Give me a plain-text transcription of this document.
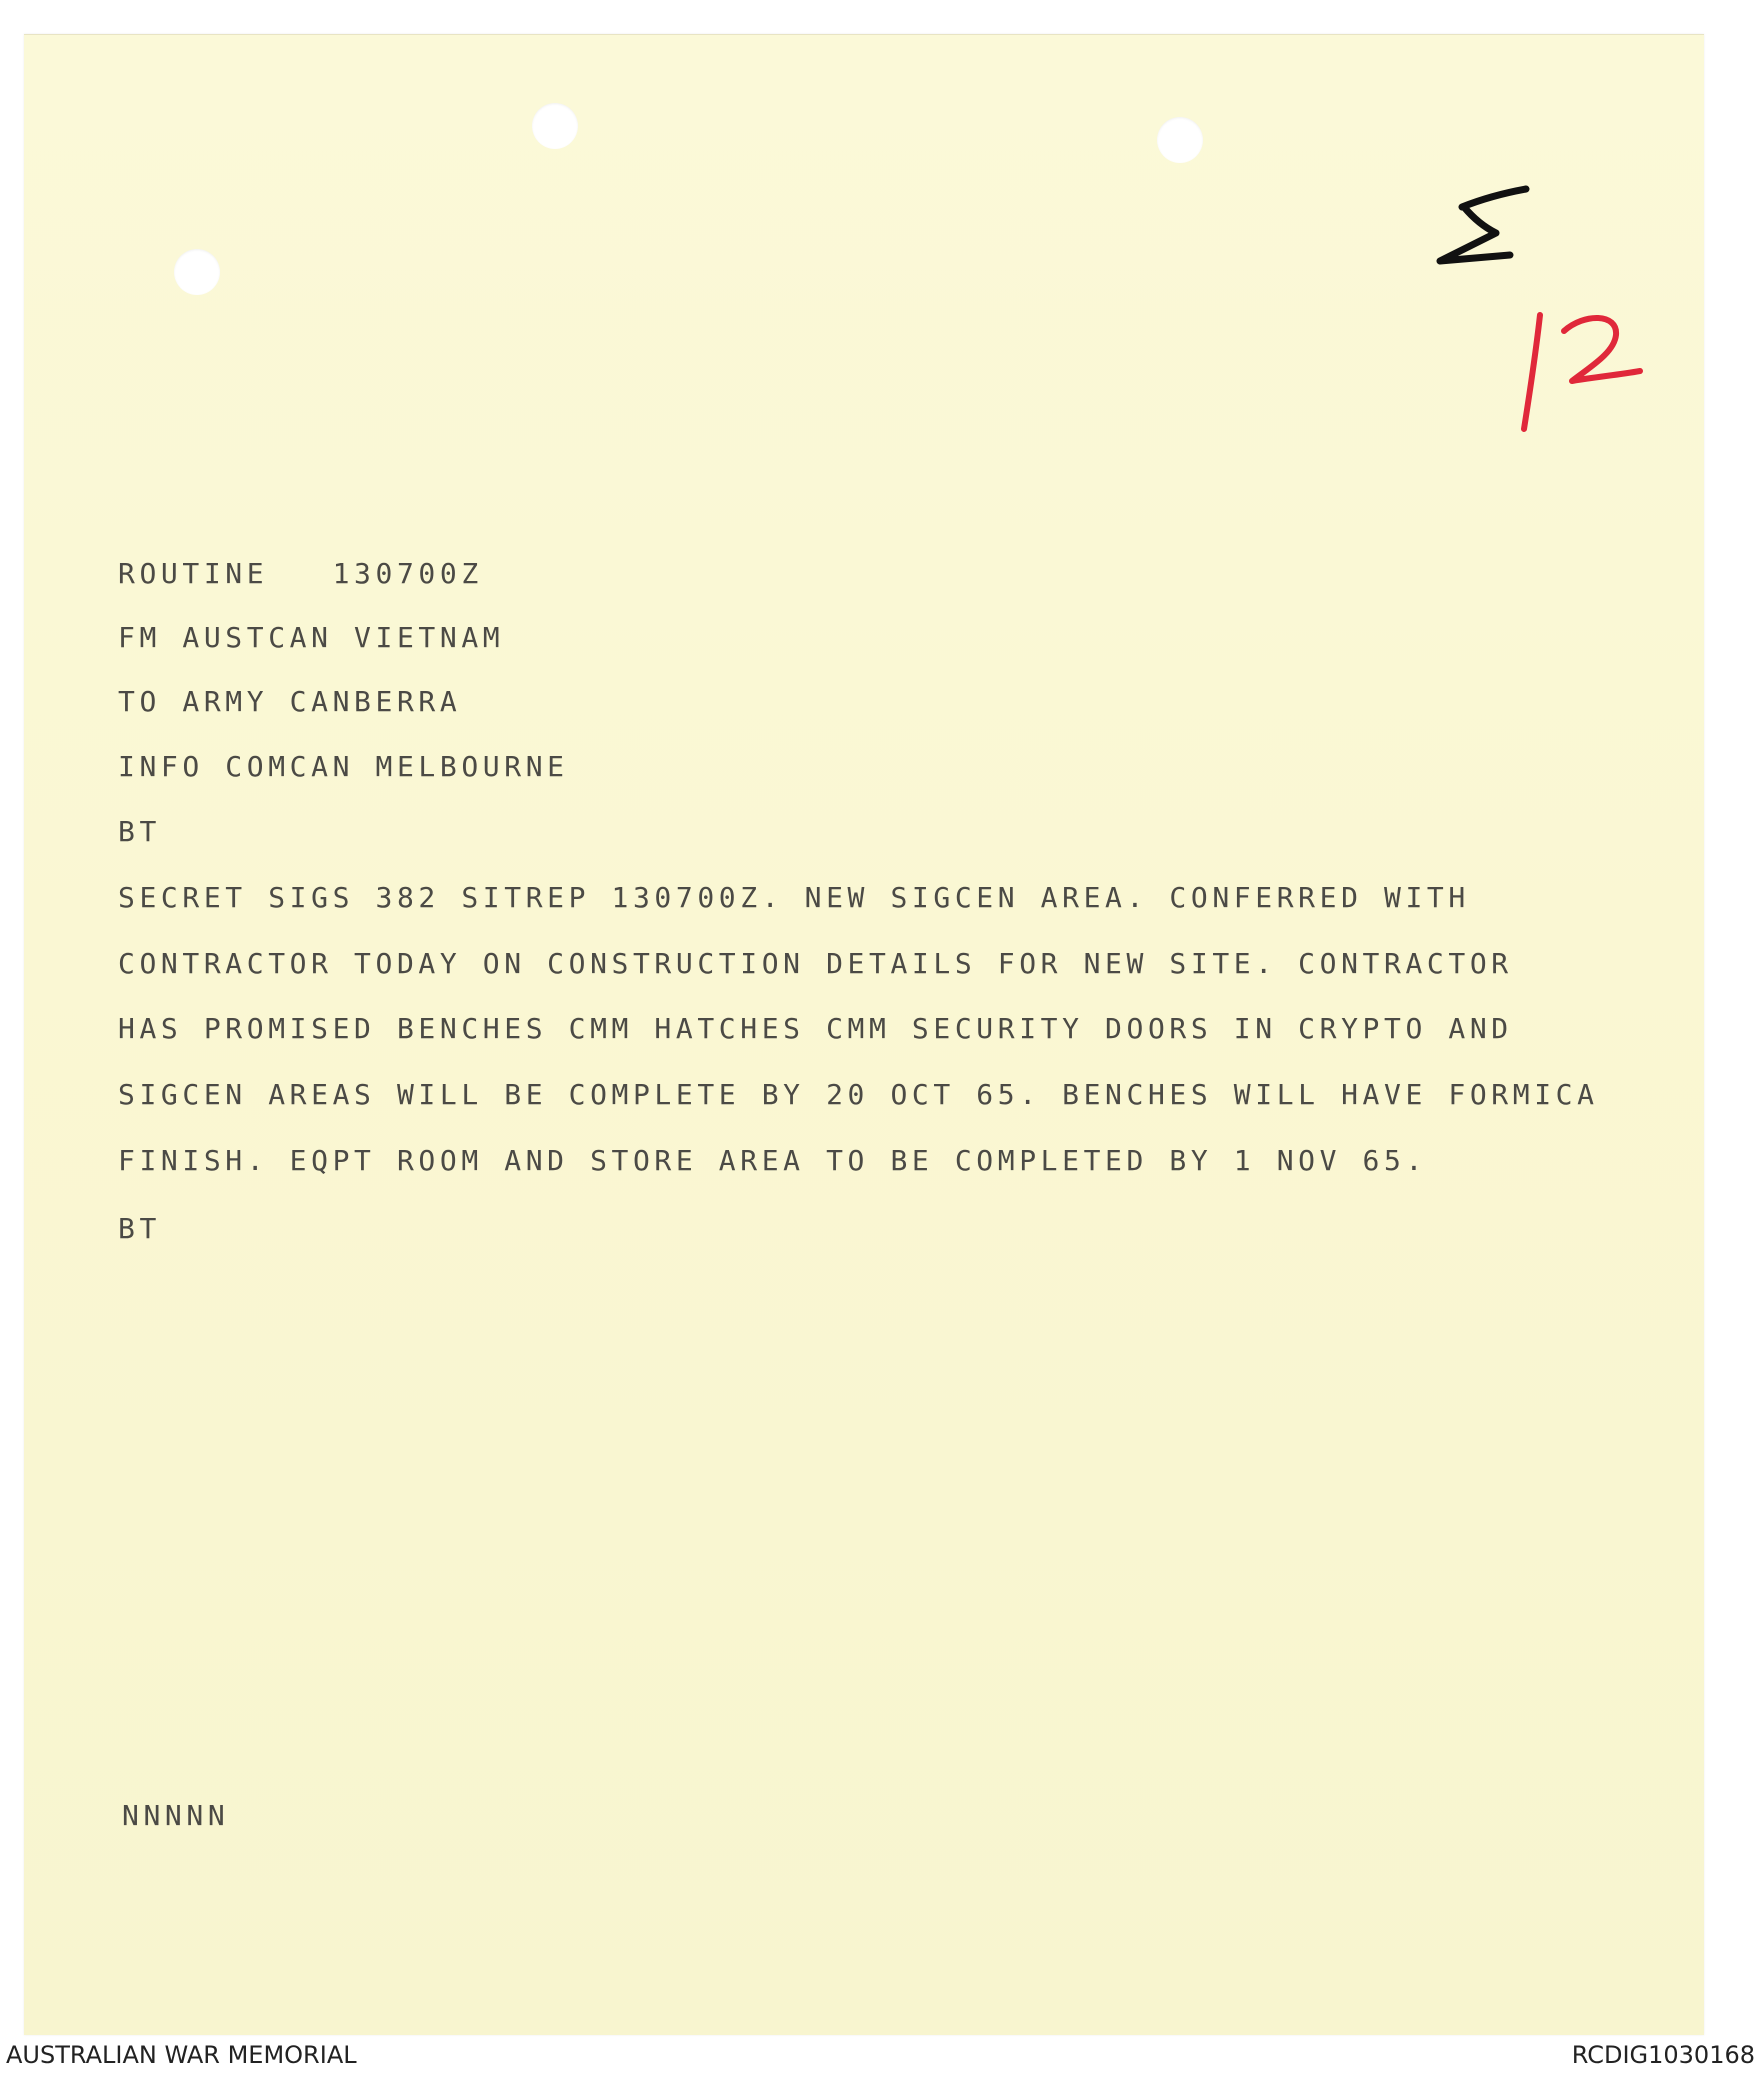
ROUTINE   130700Z
FM AUSTCAN VIETNAM
TO ARMY CANBERRA
INFO COMCAN MELBOURNE
BT
SECRET SIGS 382 SITREP 130700Z. NEW SIGCEN AREA. CONFERRED WITH
CONTRACTOR TODAY ON CONSTRUCTION DETAILS FOR NEW SITE. CONTRACTOR
HAS PROMISED BENCHES CMM HATCHES CMM SECURITY DOORS IN CRYPTO AND
SIGCEN AREAS WILL BE COMPLETE BY 20 OCT 65. BENCHES WILL HAVE FORMICA
FINISH. EQPT ROOM AND STORE AREA TO BE COMPLETED BY 1 NOV 65.
BT
NNNNN
AUSTRALIAN WAR MEMORIAL	RCDIG1030168
